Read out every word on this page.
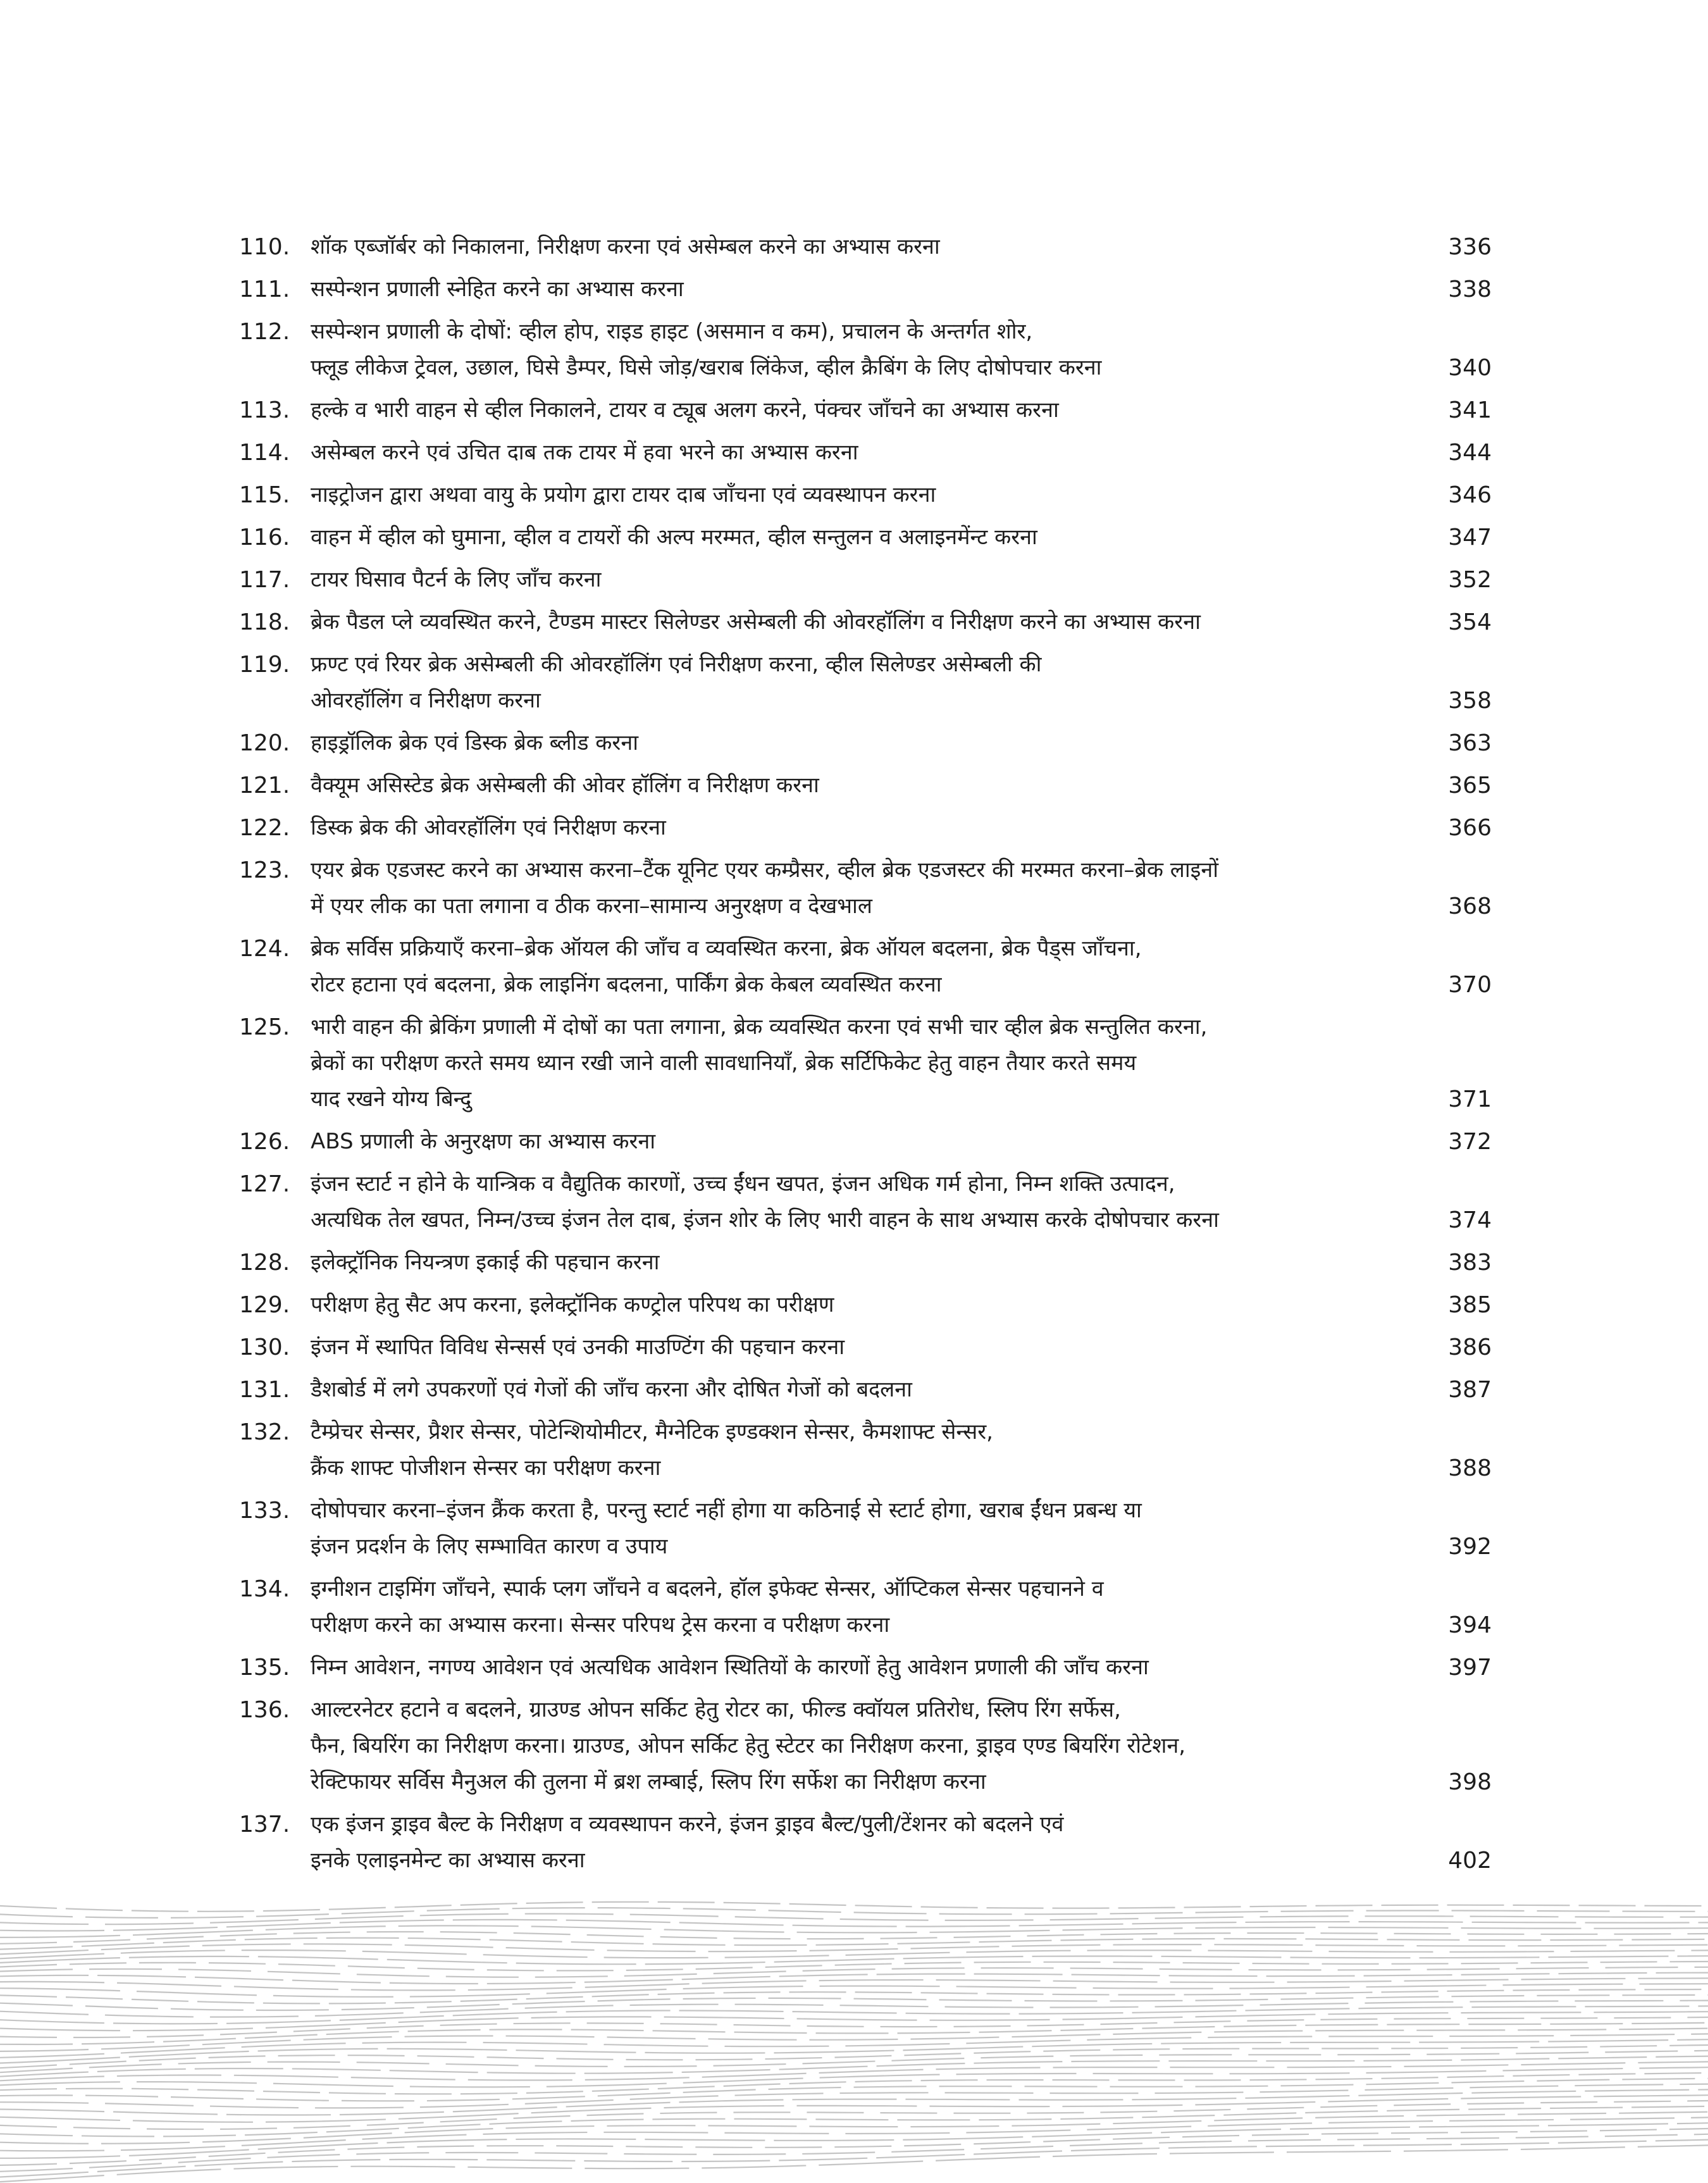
110. शॉक एब्जॉर्बर को निकालना, निरीक्षण करना एवं असेम्बल करने का अभ्यास करना	336
111. सस्पेन्शन प्रणाली स्नेहित करने का अभ्यास करना	338
112. सस्पेन्शन प्रणाली के दोषों: व्हील होप, राइड हाइट (असमान व कम), प्रचालन के अन्तर्गत शोर,
फ्लूड लीकेज ट्रेवल, उछाल, घिसे डैम्पर, घिसे जोड़/खराब लिंकेज, व्हील क्रैबिंग के लिए दोषोपचार करना	340
113. हल्के व भारी वाहन से व्हील निकालने, टायर व ट्यूब अलग करने, पंक्चर जाँचने का अभ्यास करना	341
114. असेम्बल करने एवं उचित दाब तक टायर में हवा भरने का अभ्यास करना	344
115. नाइट्रोजन द्वारा अथवा वायु के प्रयोग द्वारा टायर दाब जाँचना एवं व्यवस्थापन करना	346
116. वाहन में व्हील को घुमाना, व्हील व टायरों की अल्प मरम्मत, व्हील सन्तुलन व अलाइनमेंन्ट करना	347
117. टायर घिसाव पैटर्न के लिए जाँच करना	352
118. ब्रेक पैडल प्ले व्यवस्थित करने, टैण्डम मास्टर सिलेण्डर असेम्बली की ओवरहॉलिंग व निरीक्षण करने का अभ्यास करना	354
119. फ्रण्ट एवं रियर ब्रेक असेम्बली की ओवरहॉलिंग एवं निरीक्षण करना, व्हील सिलेण्डर असेम्बली की
ओवरहॉलिंग व निरीक्षण करना	358
120. हाइड्रॉलिक ब्रेक एवं डिस्क ब्रेक ब्लीड करना	363
121. वैक्यूम असिस्टेड ब्रेक असेम्बली की ओवर हॉलिंग व निरीक्षण करना	365
122. डिस्क ब्रेक की ओवरहॉलिंग एवं निरीक्षण करना	366
123. एयर ब्रेक एडजस्ट करने का अभ्यास करना–टैंक यूनिट एयर कम्प्रैसर, व्हील ब्रेक एडजस्टर की मरम्मत करना–ब्रेक लाइनों
में एयर लीक का पता लगाना व ठीक करना–सामान्य अनुरक्षण व देखभाल	368
124. ब्रेक सर्विस प्रक्रियाएँ करना–ब्रेक ऑयल की जाँच व व्यवस्थित करना, ब्रेक ऑयल बदलना, ब्रेक पैड्स जाँचना,
रोटर हटाना एवं बदलना, ब्रेक लाइनिंग बदलना, पार्किंग ब्रेक केबल व्यवस्थित करना	370
125. भारी वाहन की ब्रेकिंग प्रणाली में दोषों का पता लगाना, ब्रेक व्यवस्थित करना एवं सभी चार व्हील ब्रेक सन्तुलित करना,
ब्रेकों का परीक्षण करते समय ध्यान रखी जाने वाली सावधानियाँ, ब्रेक सर्टिफिकेट हेतु वाहन तैयार करते समय
याद रखने योग्य बिन्दु	371
126. ABS प्रणाली के अनुरक्षण का अभ्यास करना	372
127. इंजन स्टार्ट न होने के यान्त्रिक व वैद्युतिक कारणों, उच्च ईंधन खपत, इंजन अधिक गर्म होना, निम्न शक्ति उत्पादन,
अत्यधिक तेल खपत, निम्न/उच्च इंजन तेल दाब, इंजन शोर के लिए भारी वाहन के साथ अभ्यास करके दोषोपचार करना	374
128. इलेक्ट्रॉनिक नियन्त्रण इकाई की पहचान करना	383
129. परीक्षण हेतु सैट अप करना, इलेक्ट्रॉनिक कण्ट्रोल परिपथ का परीक्षण	385
130. इंजन में स्थापित विविध सेन्सर्स एवं उनकी माउण्टिंग की पहचान करना	386
131. डैशबोर्ड में लगे उपकरणों एवं गेजों की जाँच करना और दोषित गेजों को बदलना	387
132. टैम्प्रेचर सेन्सर, प्रैशर सेन्सर, पोटेन्शियोमीटर, मैग्नेटिक इण्डक्शन सेन्सर, कैमशाफ्ट सेन्सर,
क्रैंक शाफ्ट पोजीशन सेन्सर का परीक्षण करना	388
133. दोषोपचार करना–इंजन क्रैंक करता है, परन्तु स्टार्ट नहीं होगा या कठिनाई से स्टार्ट होगा, खराब ईंधन प्रबन्ध या
इंजन प्रदर्शन के लिए सम्भावित कारण व उपाय	392
134. इग्नीशन टाइमिंग जाँचने, स्पार्क प्लग जाँचने व बदलने, हॉल इफेक्ट सेन्सर, ऑप्टिकल सेन्सर पहचानने व
परीक्षण करने का अभ्यास करना। सेन्सर परिपथ ट्रेस करना व परीक्षण करना	394
135. निम्न आवेशन, नगण्य आवेशन एवं अत्यधिक आवेशन स्थितियों के कारणों हेतु आवेशन प्रणाली की जाँच करना	397
136. आल्टरनेटर हटाने व बदलने, ग्राउण्ड ओपन सर्किट हेतु रोटर का, फील्ड क्वॉयल प्रतिरोध, स्लिप रिंग सर्फेस,
फैन, बियरिंग का निरीक्षण करना। ग्राउण्ड, ओपन सर्किट हेतु स्टेटर का निरीक्षण करना, ड्राइव एण्ड बियरिंग रोटेशन,
रेक्टिफायर सर्विस मैनुअल की तुलना में ब्रश लम्बाई, स्लिप रिंग सर्फेश का निरीक्षण करना	398
137. एक इंजन ड्राइव बैल्ट के निरीक्षण व व्यवस्थापन करने, इंजन ड्राइव बैल्ट/पुली/टेंशनर को बदलने एवं
इनके एलाइनमेन्ट का अभ्यास करना	402
